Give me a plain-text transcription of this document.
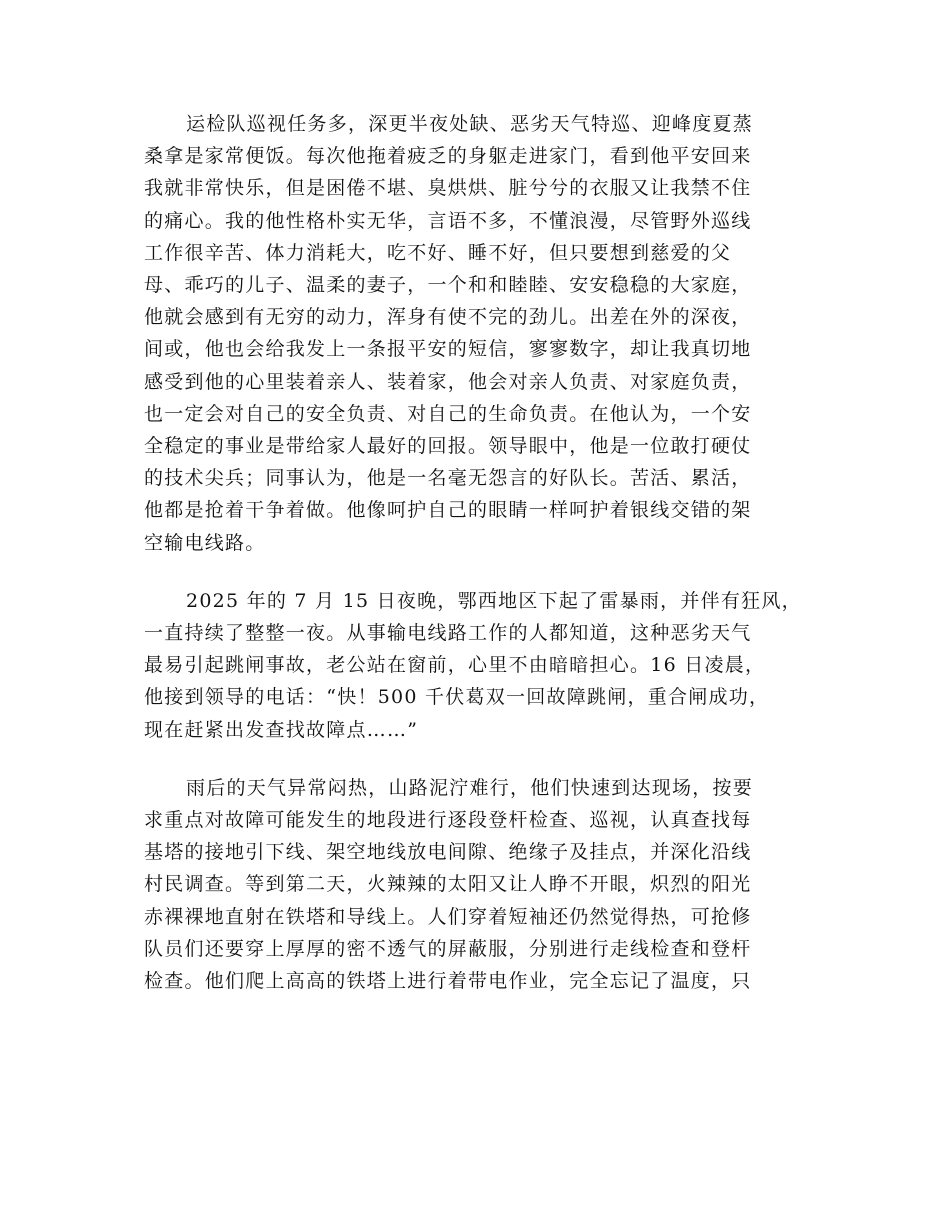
运检队巡视任务多，深更半夜处缺、恶劣天气特巡、迎峰度夏蒸
桑拿是家常便饭。每次他拖着疲乏的身躯走进家门，看到他平安回来
我就非常快乐，但是困倦不堪、臭烘烘、脏兮兮的衣服又让我禁不住
的痛心。我的他性格朴实无华，言语不多，不懂浪漫，尽管野外巡线
工作很辛苦、体力消耗大，吃不好、睡不好，但只要想到慈爱的父
母、乖巧的儿子、温柔的妻子，一个和和睦睦、安安稳稳的大家庭，
他就会感到有无穷的动力，浑身有使不完的劲儿。出差在外的深夜，
间或，他也会给我发上一条报平安的短信，寥寥数字，却让我真切地
感受到他的心里装着亲人、装着家，他会对亲人负责、对家庭负责，
也一定会对自己的安全负责、对自己的生命负责。在他认为，一个安
全稳定的事业是带给家人最好的回报。领导眼中，他是一位敢打硬仗
的技术尖兵；同事认为，他是一名毫无怨言的好队长。苦活、累活，
他都是抢着干争着做。他像呵护自己的眼睛一样呵护着银线交错的架
空输电线路。
2025 年的 7 月 15 日夜晚，鄂西地区下起了雷暴雨，并伴有狂风，
一直持续了整整一夜。从事输电线路工作的人都知道，这种恶劣天气
最易引起跳闸事故，老公站在窗前，心里不由暗暗担心。16 日凌晨，
他接到领导的电话：“快！500 千伏葛双一回故障跳闸，重合闸成功，
现在赶紧出发查找故障点……”
雨后的天气异常闷热，山路泥泞难行，他们快速到达现场，按要
求重点对故障可能发生的地段进行逐段登杆检查、巡视，认真查找每
基塔的接地引下线、架空地线放电间隙、绝缘子及挂点，并深化沿线
村民调查。等到第二天，火辣辣的太阳又让人睁不开眼，炽烈的阳光
赤裸裸地直射在铁塔和导线上。人们穿着短袖还仍然觉得热，可抢修
队员们还要穿上厚厚的密不透气的屏蔽服，分别进行走线检查和登杆
检查。他们爬上高高的铁塔上进行着带电作业，完全忘记了温度，只
